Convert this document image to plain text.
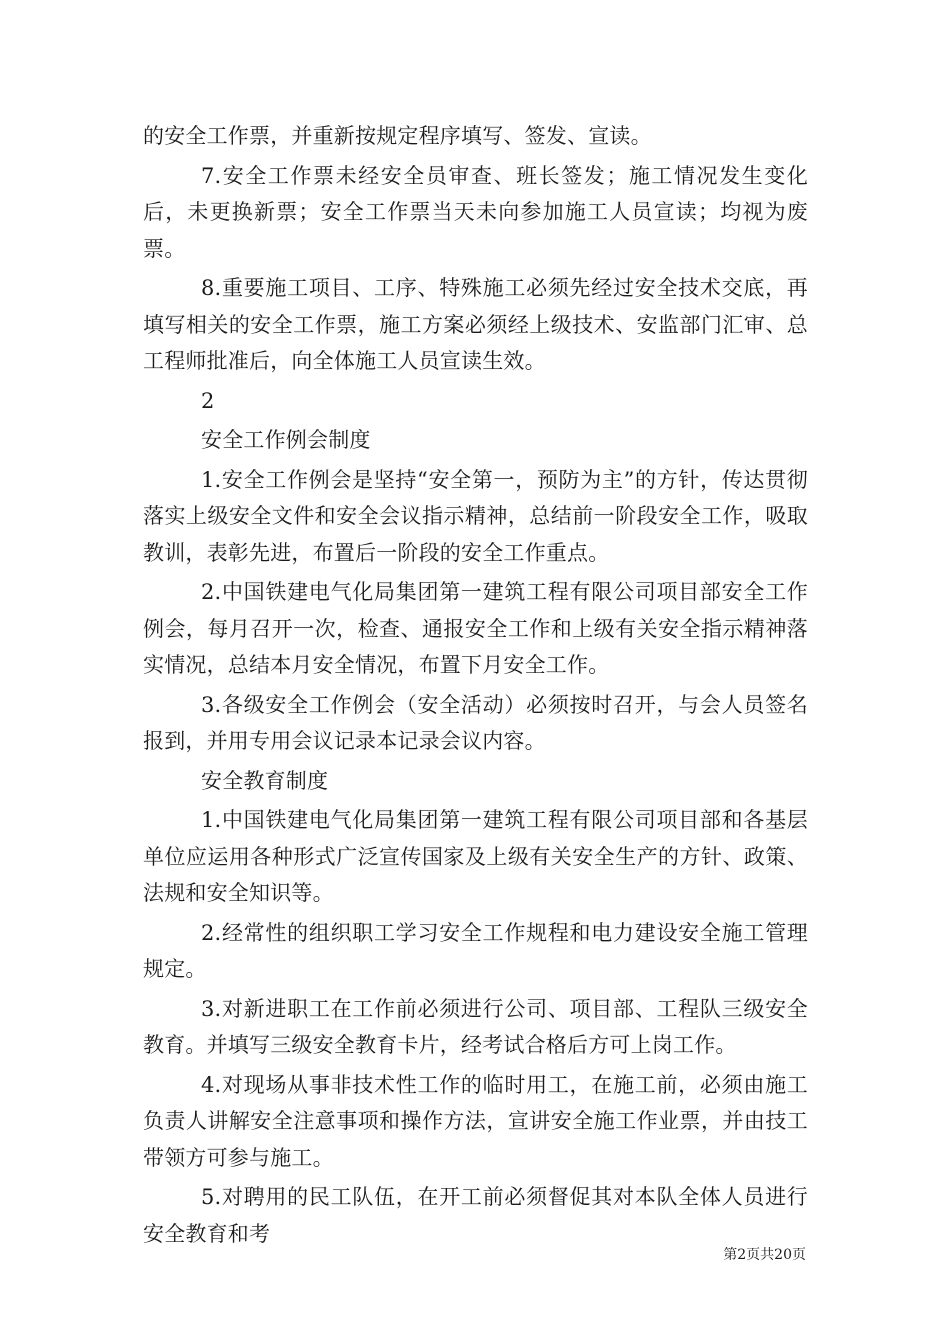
的安全工作票，并重新按规定程序填写、签发、宣读。

7.安全工作票未经安全员审查、班长签发；施工情况发生变化后，未更换新票；安全工作票当天未向参加施工人员宣读；均视为废票。

8.重要施工项目、工序、特殊施工必须先经过安全技术交底，再填写相关的安全工作票，施工方案必须经上级技术、安监部门汇审、总工程师批准后，向全体施工人员宣读生效。

2

安全工作例会制度

1.安全工作例会是坚持“安全第一，预防为主”的方针，传达贯彻落实上级安全文件和安全会议指示精神，总结前一阶段安全工作，吸取教训，表彰先进，布置后一阶段的安全工作重点。

2.中国铁建电气化局集团第一建筑工程有限公司项目部安全工作例会，每月召开一次，检查、通报安全工作和上级有关安全指示精神落实情况，总结本月安全情况，布置下月安全工作。

3.各级安全工作例会（安全活动）必须按时召开，与会人员签名报到，并用专用会议记录本记录会议内容。

安全教育制度

1.中国铁建电气化局集团第一建筑工程有限公司项目部和各基层单位应运用各种形式广泛宣传国家及上级有关安全生产的方针、政策、法规和安全知识等。

2.经常性的组织职工学习安全工作规程和电力建设安全施工管理规定。

3.对新进职工在工作前必须进行公司、项目部、工程队三级安全教育。并填写三级安全教育卡片，经考试合格后方可上岗工作。

4.对现场从事非技术性工作的临时用工，在施工前，必须由施工负责人讲解安全注意事项和操作方法，宣讲安全施工作业票，并由技工带领方可参与施工。

5.对聘用的民工队伍，在开工前必须督促其对本队全体人员进行安全教育和考

第2页共20页
